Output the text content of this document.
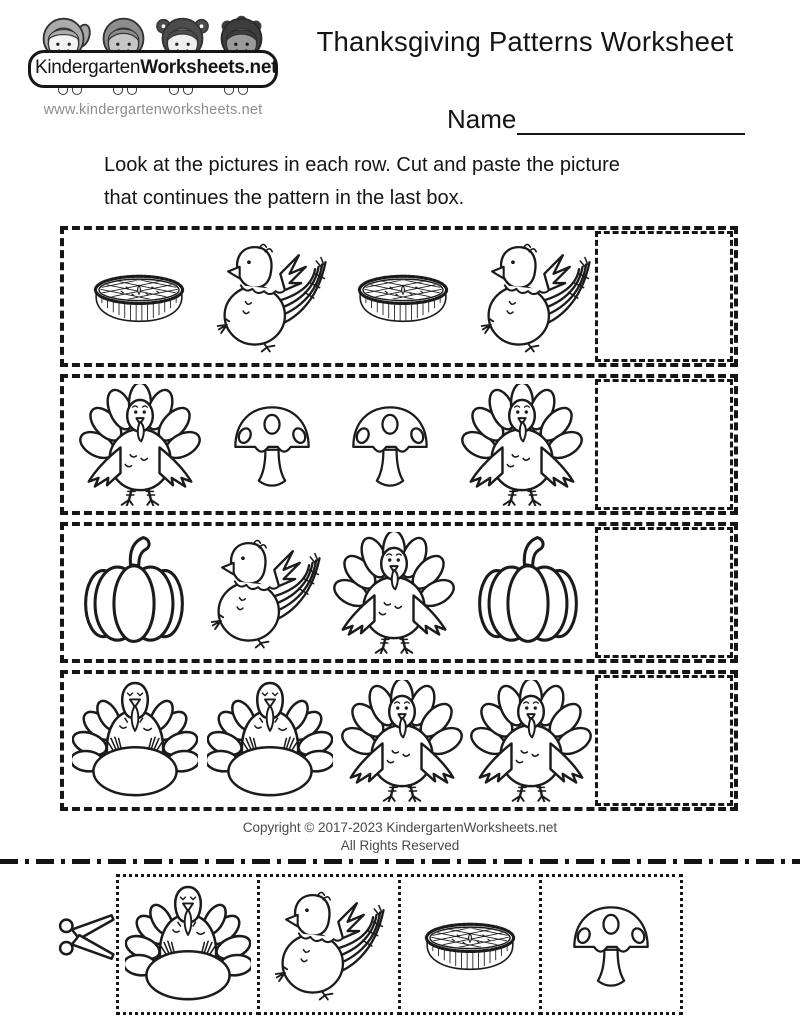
KindergartenWorksheets.net
www.kindergartenworksheets.net
Thanksgiving Patterns Worksheet
Name
Look at the pictures in each row. Cut and paste the picture
that continues the pattern in the last box.
Copyright © 2017-2023 KindergartenWorksheets.net
All Rights Reserved
